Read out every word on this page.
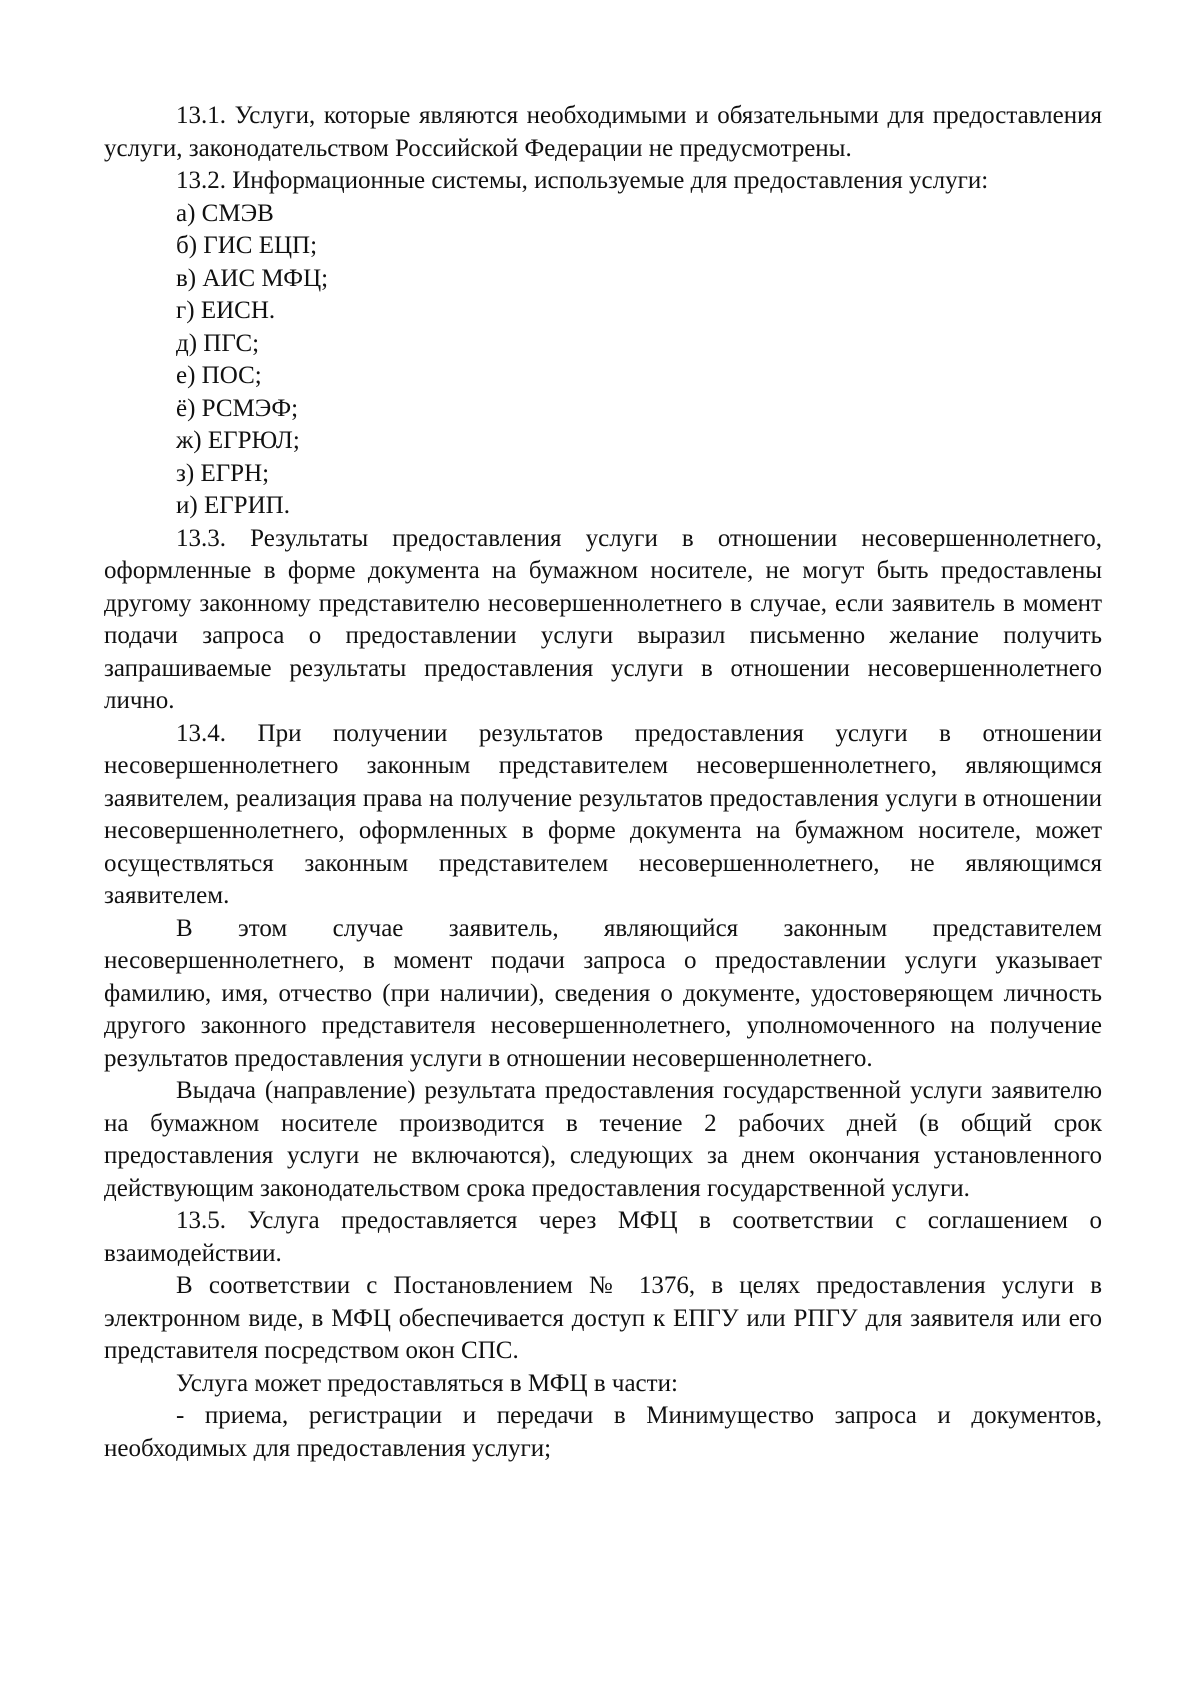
13.1. Услуги, которые являются необходимыми и обязательными для предоставления услуги, законодательством Российской Федерации не предусмотрены.

13.2. Информационные системы, используемые для предоставления услуги:

а) СМЭВ

б) ГИС ЕЦП;

в) АИС МФЦ;

г) ЕИСН.

д) ПГС;

е) ПОС;

ё) РСМЭФ;

ж) ЕГРЮЛ;

з) ЕГРН;

и) ЕГРИП.

13.3. Результаты предоставления услуги в отношении несовершеннолетнего, оформленные в форме документа на бумажном носителе, не могут быть предоставлены другому законному представителю несовершеннолетнего в случае, если заявитель в момент подачи запроса о предоставлении услуги выразил письменно желание получить запрашиваемые результаты предоставления услуги в отношении несовершеннолетнего лично.

13.4. При получении результатов предоставления услуги в отношении несовершеннолетнего законным представителем несовершеннолетнего, являющимся заявителем, реализация права на получение результатов предоставления услуги в отношении несовершеннолетнего, оформленных в форме документа на бумажном носителе, может осуществляться законным представителем несовершеннолетнего, не являющимся заявителем.

В этом случае заявитель, являющийся законным представителем несовершеннолетнего, в момент подачи запроса о предоставлении услуги указывает фамилию, имя, отчество (при наличии), сведения о документе, удостоверяющем личность другого законного представителя несовершеннолетнего, уполномоченного на получение результатов предоставления услуги в отношении несовершеннолетнего.

Выдача (направление) результата предоставления государственной услуги заявителю на бумажном носителе производится в течение 2 рабочих дней (в общий срок предоставления услуги не включаются), следующих за днем окончания установленного действующим законодательством срока предоставления государственной услуги.

13.5. Услуга предоставляется через МФЦ в соответствии с соглашением о взаимодействии.

В соответствии с Постановлением № 1376, в целях предоставления услуги в электронном виде, в МФЦ обеспечивается доступ к ЕПГУ или РПГУ для заявителя или его представителя посредством окон СПС.

Услуга может предоставляться в МФЦ в части:

- приема, регистрации и передачи в Минимущество запроса и документов, необходимых для предоставления услуги;
